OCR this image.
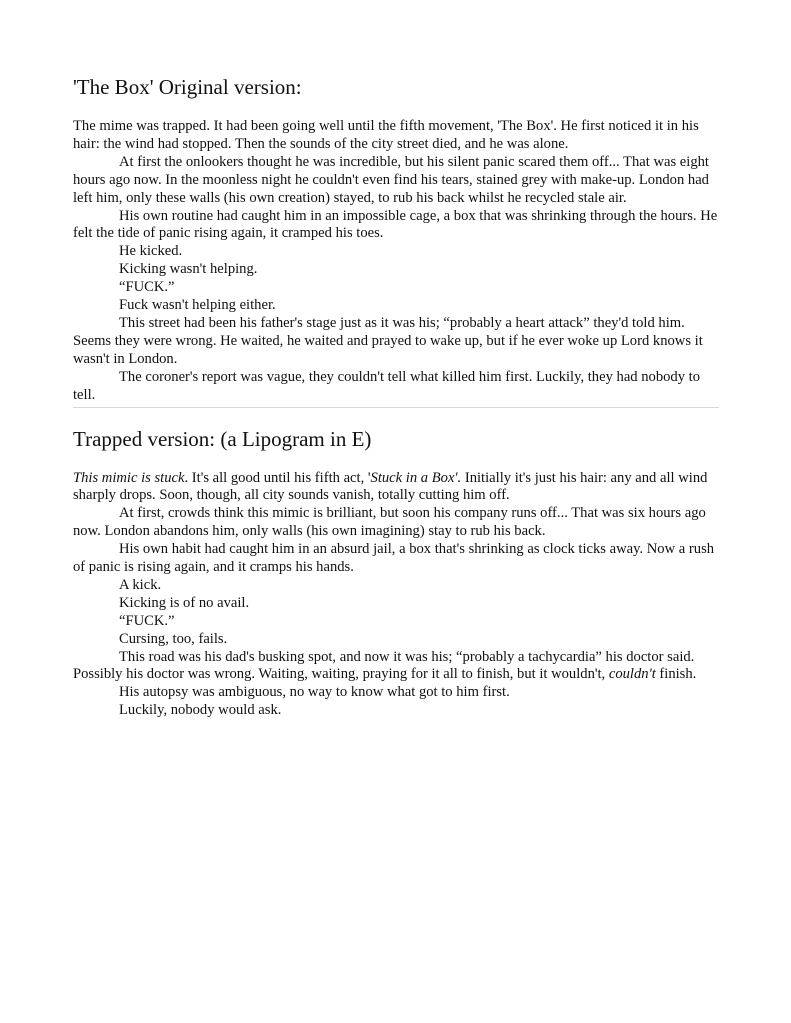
'The Box' Original version:

The mime was trapped. It had been going well until the fifth movement, 'The Box'. He first noticed it in his hair: the wind had stopped. Then the sounds of the city street died, and he was alone.

At first the onlookers thought he was incredible, but his silent panic scared them off... That was eight hours ago now. In the moonless night he couldn't even find his tears, stained grey with make-up. London had left him, only these walls (his own creation) stayed, to rub his back whilst he recycled stale air.

His own routine had caught him in an impossible cage, a box that was shrinking through the hours. He felt the tide of panic rising again, it cramped his toes.

He kicked.

Kicking wasn't helping.

“FUCK.”

Fuck wasn't helping either.

This street had been his father's stage just as it was his; “probably a heart attack” they'd told him. Seems they were wrong. He waited, he waited and prayed to wake up, but if he ever woke up Lord knows it wasn't in London.

The coroner's report was vague, they couldn't tell what killed him first. Luckily, they had nobody to tell.

Trapped version: (a Lipogram in E)

This mimic is stuck. It's all good until his fifth act, 'Stuck in a Box'. Initially it's just his hair: any and all wind sharply drops. Soon, though, all city sounds vanish, totally cutting him off.

At first, crowds think this mimic is brilliant, but soon his company runs off... That was six hours ago now. London abandons him, only walls (his own imagining) stay to rub his back.

His own habit had caught him in an absurd jail, a box that's shrinking as clock ticks away. Now a rush of panic is rising again, and it cramps his hands.

A kick.

Kicking is of no avail.

“FUCK.”

Cursing, too, fails.

This road was his dad's busking spot, and now it was his; “probably a tachycardia” his doctor said. Possibly his doctor was wrong. Waiting, waiting, praying for it all to finish, but it wouldn't, couldn't finish.

His autopsy was ambiguous, no way to know what got to him first.

Luckily, nobody would ask.
